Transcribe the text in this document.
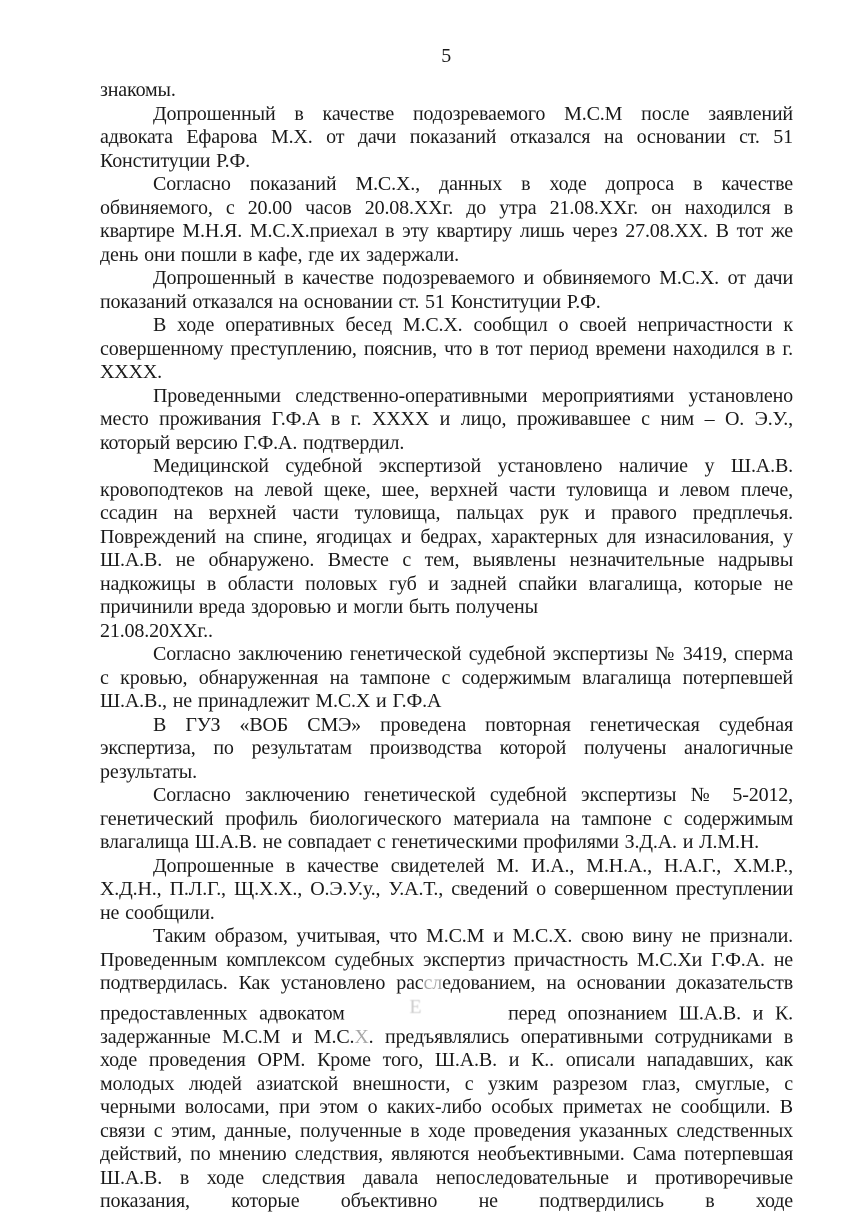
5

знакомы.

Допрошенный в качестве подозреваемого М.С.М после заявлений адвоката Ефарова М.Х. от дачи показаний отказался на основании ст. 51 Конституции Р.Ф.

Согласно показаний М.С.Х., данных в ходе допроса в качестве обвиняемого, с 20.00 часов 20.08.ХХг. до утра 21.08.ХХг. он находился в квартире М.Н.Я. М.С.Х.приехал в эту квартиру лишь через 27.08.ХХ. В тот же день они пошли в кафе, где их задержали.

Допрошенный в качестве подозреваемого и обвиняемого М.С.Х. от дачи показаний отказался на основании ст. 51 Конституции Р.Ф.

В ходе оперативных бесед М.С.Х. сообщил о своей непричастности к совершенному преступлению, пояснив, что в тот период времени находился в г. ХХХХ.

Проведенными следственно-оперативными мероприятиями установлено место проживания Г.Ф.А в г. ХХХХ и лицо, проживавшее с ним – О. Э.У., который версию Г.Ф.А. подтвердил.

Медицинской судебной экспертизой установлено наличие у Ш.А.В. кровоподтеков на левой щеке, шее, верхней части туловища и левом плече, ссадин на верхней части туловища, пальцах рук и правого предплечья. Повреждений на спине, ягодицах и бедрах, характерных для изнасилования, у Ш.А.В. не обнаружено. Вместе с тем, выявлены незначительные надрывы надкожицы в области половых губ и задней спайки влагалища, которые не причинили вреда здоровью и могли быть получены

21.08.20ХХг..

Согласно заключению генетической судебной экспертизы № 3419, сперма с кровью, обнаруженная на тампоне с содержимым влагалища потерпевшей Ш.А.В., не принадлежит М.С.Х и Г.Ф.А

В ГУЗ «ВОБ СМЭ» проведена повторная генетическая судебная экспертиза, по результатам производства которой получены аналогичные результаты.

Согласно заключению генетической судебной экспертизы № 5-2012, генетический профиль биологического материала на тампоне с содержимым влагалища Ш.А.В. не совпадает с генетическими профилями З.Д.А. и Л.М.Н.

Допрошенные в качестве свидетелей М. И.А., М.Н.А., Н.А.Г., Х.М.Р., Х.Д.Н., П.Л.Г., Щ.Х.Х., О.Э.У.у., У.А.Т., сведений о совершенном преступлении не сообщили.

Таким образом, учитывая, что М.С.М и М.С.Х. свою вину не признали. Проведенным комплексом судебных экспертиз причастность М.С.Хи Г.Ф.А. не подтвердилась. Как установлено расследованием, на основании доказательств предоставленных адвокатом	Е	перед опознанием Ш.А.В. и К. задержанные М.С.М и М.С.Х. предъявлялись оперативными сотрудниками в ходе проведения ОРМ. Кроме того, Ш.А.В. и К.. описали нападавших, как молодых людей азиатской внешности, с узким разрезом глаз, смуглые, с черными волосами, при этом о каких-либо особых приметах не сообщили. В связи с этим, данные, полученные в ходе проведения указанных следственных действий, по мнению следствия, являются необъективными. Сама потерпевшая Ш.А.В. в ходе следствия давала непоследовательные и противоречивые показания, которые объективно не подтвердились в ходе
